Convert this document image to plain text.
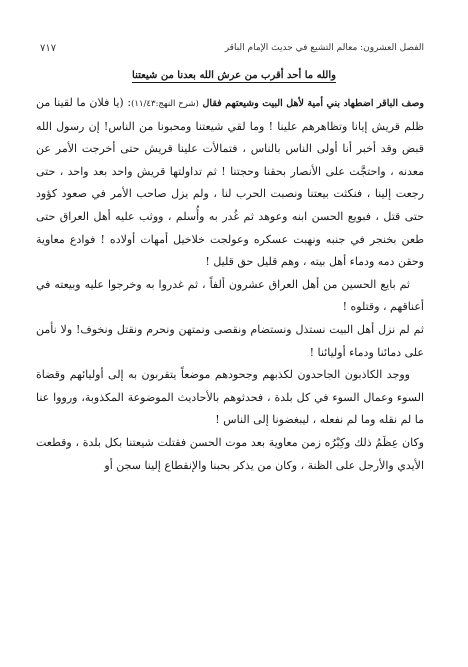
الفصل العشرون: معالم التشيع في حديث الإمام الباقر
٧١٧
والله ما أحد أقرب من عرش الله بعدنا من شيعتنا

وصف الباقر اضطهاد بني أمية لأهل البيت وشيعتهم فقال (شرح النهج:١١/٤٣): (يا فلان ما لقينا من ظلم قريش إيانا وتظاهرهم علينا ! وما لقي شيعتنا ومحبونا من الناس! إن رسول الله قبض وقد أخبر أنا أولى الناس بالناس ، فتمالأت علينا قريش حتى أخرجت الأمر عن معدنه ، واحتجَّت على الأنصار بحقنا وحجتنا ! ثم تداولتها قريش واحد بعد واحد ، حتى رجعت إلينا ، فنكثت بيعتنا ونصبت الحرب لنا ، ولم يزل صاحب الأمر في صعود كؤود حتى قتل ، فبويع الحسن ابنه وعوهد ثم غُدر به وأُسلم ، ووثب عليه أهل العراق حتى طعن بخنجر في جنبه ونهبت عسكره وعولجت خلاخيل أمهات أولاده ! فوادع معاوية وحقن دمه ودماء أهل بيته ، وهم قليل حق قليل !

ثم بايع الحسين من أهل العراق عشرون ألفاً ، ثم غدروا به وخرجوا عليه وبيعته في أعناقهم ، وقتلوه !

ثم لم نزل أهل البيت نستذل ونستضام ونقصى ونمتهن ونحرم ونقتل ونخوف! ولا نأمن على دمائنا ودماء أوليائنا !

ووجد الكاذبون الجاحدون لكذبهم وجحودهم موضعاً يتقربون به إلى أوليائهم وقضاة السوء وعمال السوء في كل بلدة ، فحدثوهم بالأحاديث الموضوعة المكذوبة، ورووا عنا ما لم نقله وما لم نفعله ، ليبغضونا إلى الناس !

وكان عِظَمُ ذلك وكِبْرُه زمن معاوية بعد موت الحسن فقتلت شيعتنا بكل بلدة ، وقطعت الأيدي والأرجل على الظنة ، وكان من يذكر بحبنا والإنقطاع إلينا سجن أو
